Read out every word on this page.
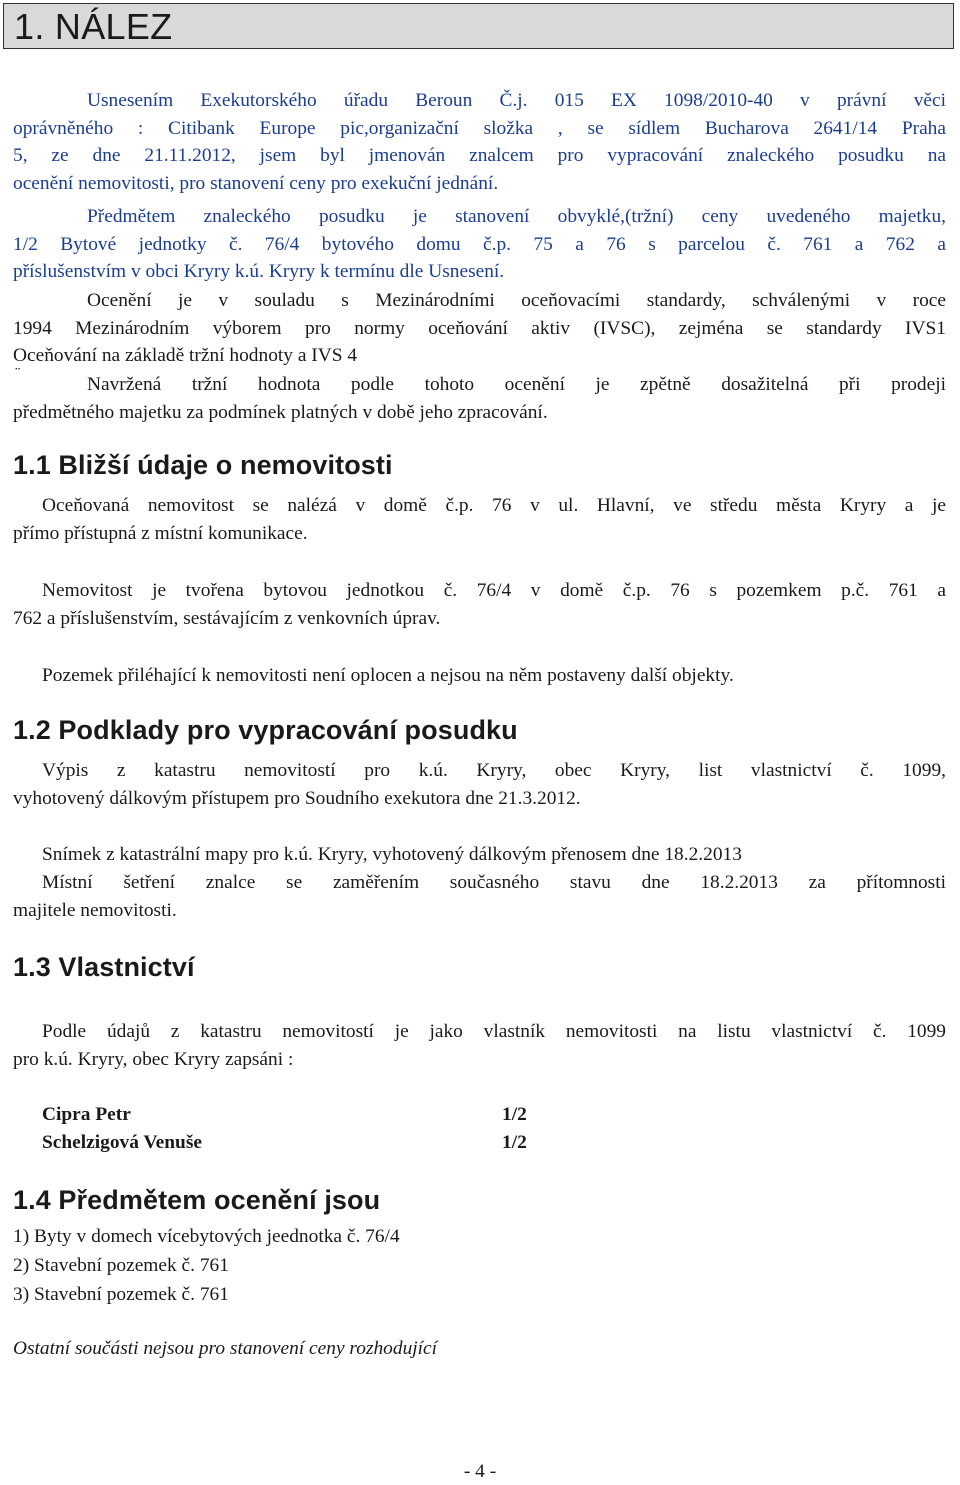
1. NÁLEZ
Usnesením Exekutorského úřadu Beroun Č.j. 015 EX 1098/2010-40 v právní věci
oprávněného : Citibank Europe pic,organizační složka , se sídlem Bucharova 2641/14 Praha
5, ze dne 21.11.2012, jsem byl jmenován znalcem pro vypracování znaleckého posudku na
ocenění nemovitosti, pro stanovení ceny pro exekuční jednání.
Předmětem znaleckého posudku je stanovení obvyklé,(tržní) ceny uvedeného majetku,
1/2 Bytové jednotky č. 76/4 bytového domu č.p. 75 a 76 s parcelou č. 761 a 762 a
příslušenstvím v obci Kryry k.ú. Kryry k termínu dle Usnesení.
Ocenění je v souladu s Mezinárodními oceňovacími standardy, schválenými v roce
1994 Mezinárodním výborem pro normy oceňování aktiv (IVSC), zejména se standardy IVS1
Oceňování na základě tržní hodnoty a IVS 4
¨
Navržená tržní hodnota podle tohoto ocenění je zpětně dosažitelná při prodeji
předmětného majetku za podmínek platných v době jeho zpracování.
1.1 Bližší údaje o nemovitosti
Oceňovaná nemovitost se nalézá v domě č.p. 76 v ul. Hlavní, ve středu města Kryry a je
přímo přístupná z místní komunikace.
Nemovitost je tvořena bytovou jednotkou č. 76/4 v domě č.p. 76 s pozemkem p.č. 761 a
762 a příslušenstvím, sestávajícím z venkovních úprav.
Pozemek přiléhající k nemovitosti není oplocen a nejsou na něm postaveny další objekty.
1.2 Podklady pro vypracování posudku
Výpis z katastru nemovitostí pro k.ú. Kryry, obec Kryry, list vlastnictví č. 1099,
vyhotovený dálkovým přístupem pro Soudního exekutora dne 21.3.2012.
Snímek z katastrální mapy pro k.ú. Kryry, vyhotovený dálkovým přenosem dne 18.2.2013
Místní šetření znalce se zaměřením současného stavu dne 18.2.2013 za přítomnosti
majitele nemovitosti.
1.3 Vlastnictví
Podle údajů z katastru nemovitostí je jako vlastník nemovitosti na listu vlastnictví č. 1099
pro k.ú. Kryry, obec Kryry zapsáni :
Cipra Petr	1/2
Schelzigová Venuše	1/2
1.4 Předmětem ocenění jsou
1) Byty v domech vícebytových jeednotka č. 76/4
2) Stavební pozemek č. 761
3) Stavební pozemek č. 761

Ostatní součásti nejsou pro stanovení ceny rozhodující

- 4 -
